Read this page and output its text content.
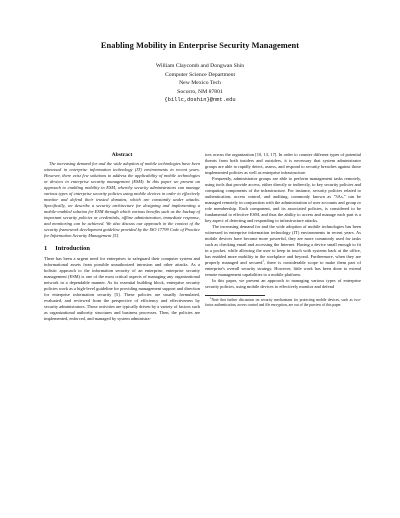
Enabling Mobility in Enterprise Security Management
William Claycomb and Dongwan Shin
Computer Science Department
New Mexico Tech
Socorro, NM 87801
{billc,doshin}@nmt.edu
Abstract

The increasing demand for and the wide adoption of mobile technologies have been witnessed in enterprise information technology (IT) environments in recent years. However, there exist few solutions to address the applicability of mobile technologies or devices in enterprise security management (ESM). In this paper we present an approach to enabling mobility in ESM, whereby security administrators can manage various types of enterprise security policies using mobile devices in order to effectively monitor and defend their trusted domains, which are constantly under attacks. Specifically, we describe a security architecture for designing and implementing a mobile-enabled solution for ESM through which various benefits such as the backup of important security policies or credentials, offline administration, immediate response, and monitoring can be achieved. We also discuss our approach in the context of the security framework development guideline provided by the ISO 17799 Code of Practice for Information Security Management [5].

1 Introduction

There has been a urgent need for enterprises to safeguard their computer system and informational assets from possible unauthorized intrusion and other attacks. As a holistic approach to the information security of an enterprise, enterprise security management (ESM) is one of the most critical aspects of managing any organizational network in a dependable manner. As its essential building block, enterprise security policies work as a high-level guideline for providing management support and direction for enterprise information security [5]. These policies are usually formulated, evaluated, and reviewed from the perspective of efficiency and effectiveness by security administrators. Those activities are typically driven by a variety of factors such as organizational authority structures and business processes. Then, the policies are implemented, enforced, and managed by system administra-

tors across the organization [10, 13, 17]. In order to counter different types of potential threats from both insiders and outsiders, it is necessary that system administrator groups are able to rapidly detect, assess, and respond to security breaches against those implemented policies as well as enterprise infrastructure.

Frequently, administrator groups are able to perform management tasks remotely, using tools that provide access, either directly or indirectly, to key security policies and computing components of the infrastructure. For instance, security policies related to authentication, access control, and auditing, commonly known as "3As," can be managed remotely in conjunction with the administration of user accounts and group or role membership. Each component, and its associated policies, is considered to be fundamental to effective ESM, and thus the ability to access and manage each part is a key aspect of detecting and responding to infrastructure attacks.

The increasing demand for and the wide adoption of mobile technologies has been witnessed in enterprise information technology (IT) environments in recent years. As mobile devices have become more powerful, they are more commonly used for tasks such as checking email and accessing the Internet. Having a device small enough to fit in a pocket, while allowing the user to keep in touch with systems back at the office, has enabled more mobility in the workplace and beyond. Furthermore, when they are properly managed and secured$^1$, there is considerable scope to make them part of enterprise's overall security strategy. However, little work has been done to extend remote management capabilities to a mobile platform.

In this paper, we present an approach to managing various types of enterprise security policies, using mobile devices to effectively monitor and defend

$^1$Note that further discussion on security mechanisms for protecting mobile devices, such as two-factor authentication, access control and file encryption, are out of the purview of this paper.
